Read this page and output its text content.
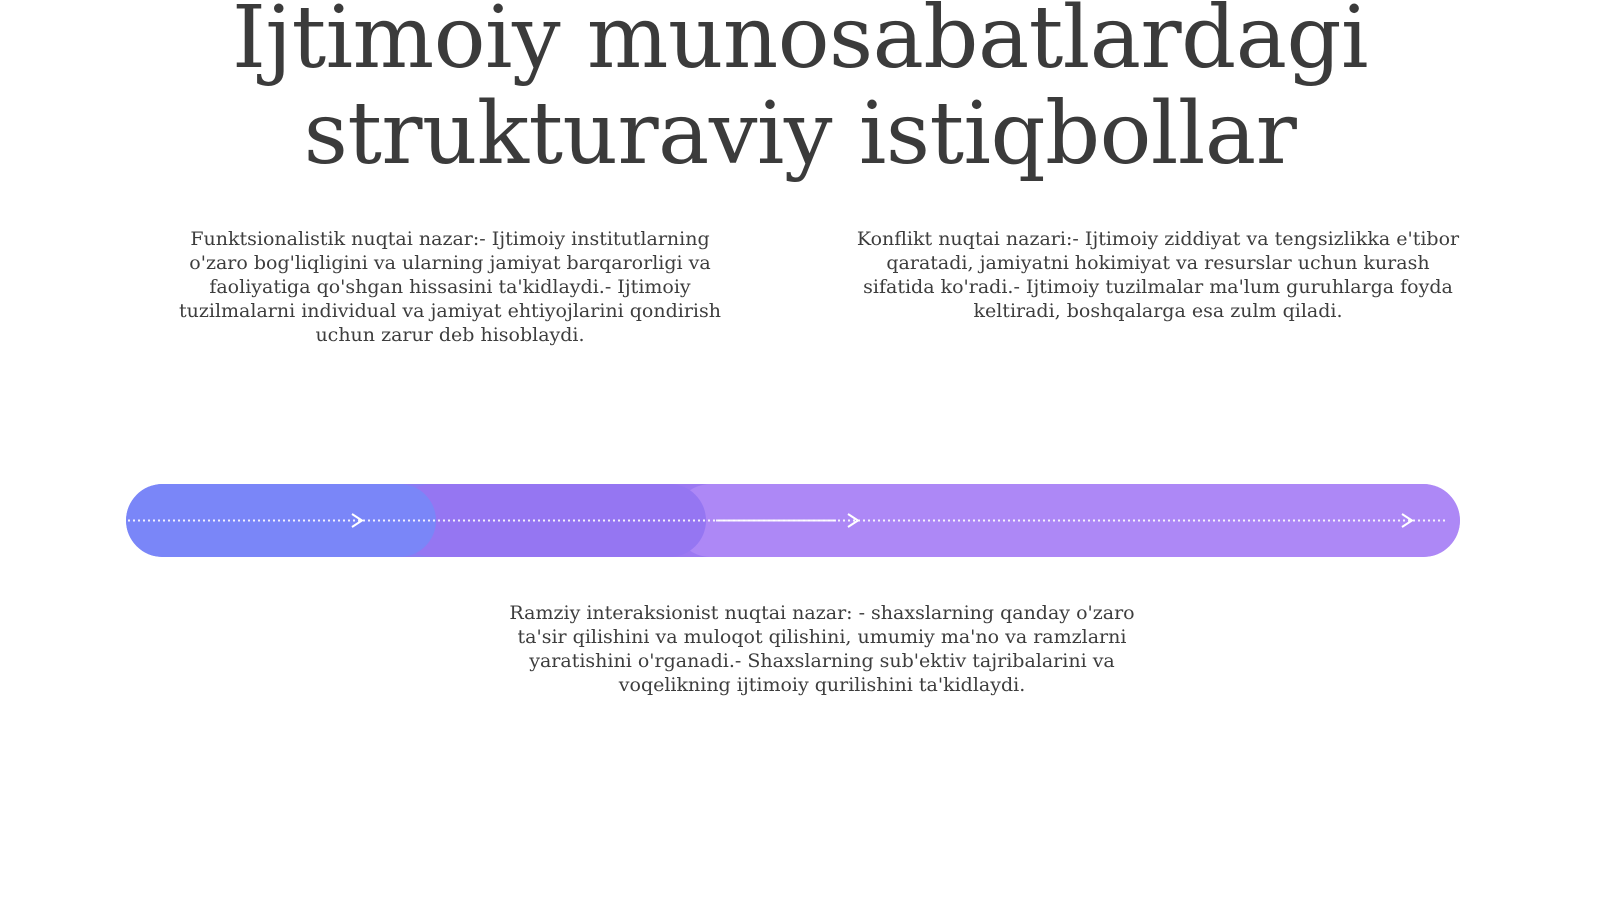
Ijtimoiy munosabatlardagi strukturaviy istiqbollar

Funktsionalistik nuqtai nazar:- Ijtimoiy institutlarning o'zaro bog'liqligini va ularning jamiyat barqarorligi va faoliyatiga qo'shgan hissasini ta'kidlaydi.- Ijtimoiy tuzilmalarni individual va jamiyat ehtiyojlarini qondirish uchun zarur deb hisoblaydi.

Konflikt nuqtai nazari:- Ijtimoiy ziddiyat va tengsizlikka e'tibor qaratadi, jamiyatni hokimiyat va resurslar uchun kurash sifatida ko'radi.- Ijtimoiy tuzilmalar ma'lum guruhlarga foyda keltiradi, boshqalarga esa zulm qiladi.

Ramziy interaksionist nuqtai nazar: - shaxslarning qanday o'zaro ta'sir qilishini va muloqot qilishini, umumiy ma'no va ramzlarni yaratishini o'rganadi.- Shaxslarning sub'ektiv tajribalarini va voqelikning ijtimoiy qurilishini ta'kidlaydi.
